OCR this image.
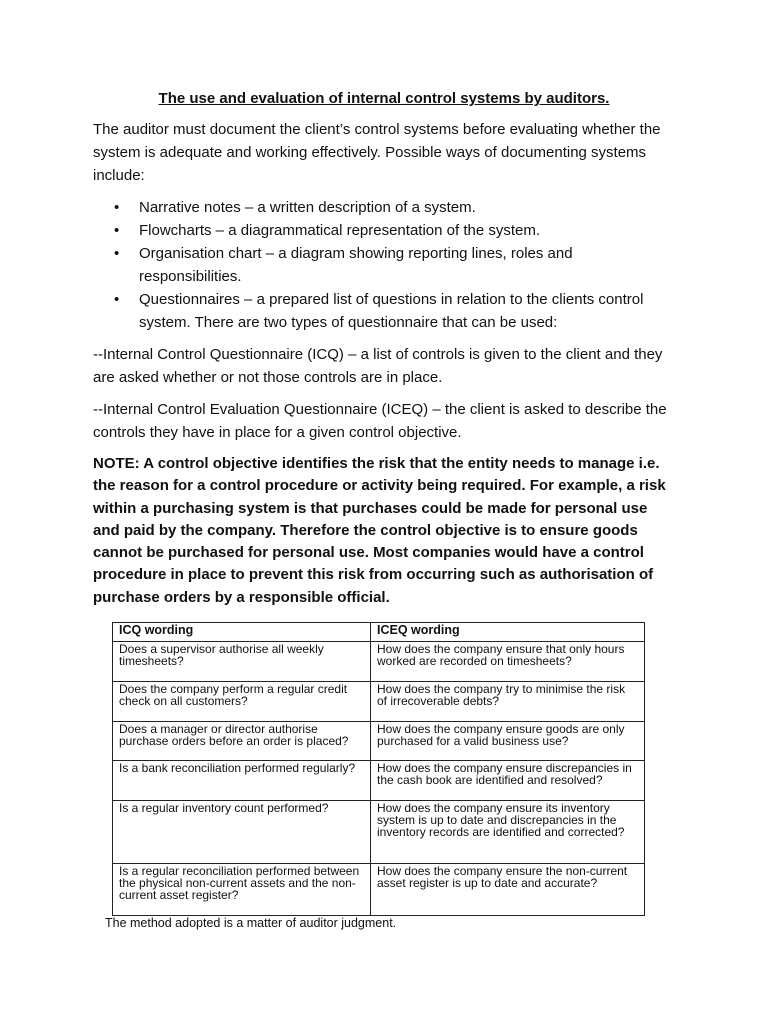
The use and evaluation of internal control systems by auditors.

The auditor must document the client’s control systems before evaluating whether the system is adequate and working effectively. Possible ways of documenting systems include:

• Narrative notes – a written description of a system.
• Flowcharts – a diagrammatical representation of the system.
• Organisation chart – a diagram showing reporting lines, roles and responsibilities.
• Questionnaires – a prepared list of questions in relation to the clients control system. There are two types of questionnaire that can be used:

--Internal Control Questionnaire (ICQ) – a list of controls is given to the client and they are asked whether or not those controls are in place.

--Internal Control Evaluation Questionnaire (ICEQ) – the client is asked to describe the controls they have in place for a given control objective.

NOTE: A control objective identifies the risk that the entity needs to manage i.e. the reason for a control procedure or activity being required. For example, a risk within a purchasing system is that purchases could be made for personal use and paid by the company. Therefore the control objective is to ensure goods cannot be purchased for personal use. Most companies would have a control procedure in place to prevent this risk from occurring such as authorisation of purchase orders by a responsible official.

ICQ wording	ICEQ wording
Does a supervisor authorise all weekly timesheets?	How does the company ensure that only hours worked are recorded on timesheets?
Does the company perform a regular credit check on all customers?	How does the company try to minimise the risk of irrecoverable debts?
Does a manager or director authorise purchase orders before an order is placed?	How does the company ensure goods are only purchased for a valid business use?
Is a bank reconciliation performed regularly?	How does the company ensure discrepancies in the cash book are identified and resolved?
Is a regular inventory count performed?	How does the company ensure its inventory system is up to date and discrepancies in the inventory records are identified and corrected?
Is a regular reconciliation performed between the physical non-current assets and the non-current asset register?	How does the company ensure the non-current asset register is up to date and accurate?
The method adopted is a matter of auditor judgment.
